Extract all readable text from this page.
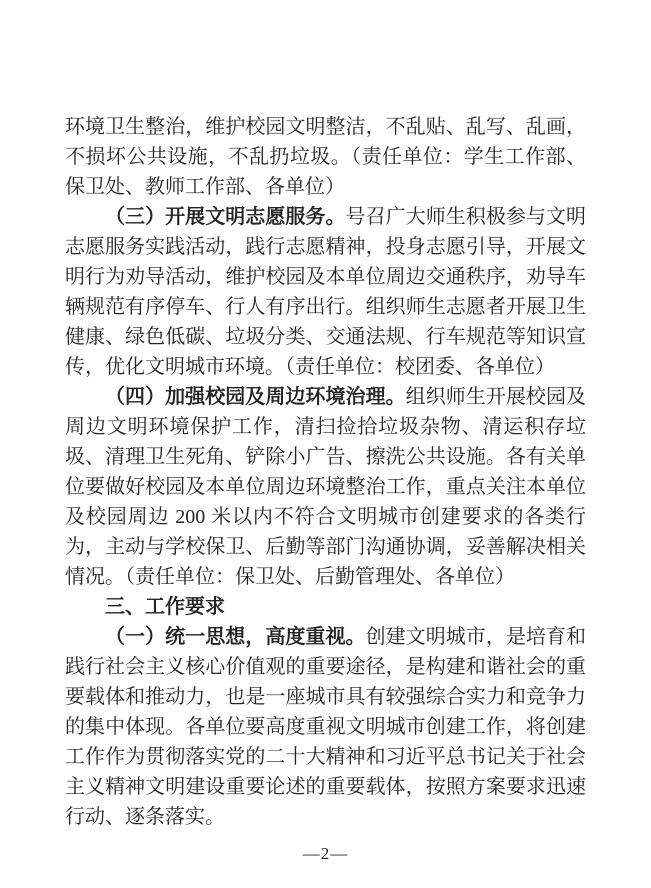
环境卫生整治，维护校园文明整洁，不乱贴、乱写、乱画，不损坏公共设施，不乱扔垃圾。（责任单位：学生工作部、保卫处、教师工作部、各单位）

（三）开展文明志愿服务。号召广大师生积极参与文明志愿服务实践活动，践行志愿精神，投身志愿引导，开展文明行为劝导活动，维护校园及本单位周边交通秩序，劝导车辆规范有序停车、行人有序出行。组织师生志愿者开展卫生健康、绿色低碳、垃圾分类、交通法规、行车规范等知识宣传，优化文明城市环境。（责任单位：校团委、各单位）

（四）加强校园及周边环境治理。组织师生开展校园及周边文明环境保护工作，清扫捡拾垃圾杂物、清运积存垃圾、清理卫生死角、铲除小广告、擦洗公共设施。各有关单位要做好校园及本单位周边环境整治工作，重点关注本单位及校园周边 200 米以内不符合文明城市创建要求的各类行为，主动与学校保卫、后勤等部门沟通协调，妥善解决相关情况。（责任单位：保卫处、后勤管理处、各单位）

三、工作要求

（一）统一思想，高度重视。创建文明城市，是培育和践行社会主义核心价值观的重要途径，是构建和谐社会的重要载体和推动力，也是一座城市具有较强综合实力和竞争力的集中体现。各单位要高度重视文明城市创建工作，将创建工作作为贯彻落实党的二十大精神和习近平总书记关于社会主义精神文明建设重要论述的重要载体，按照方案要求迅速行动、逐条落实。

—2—
